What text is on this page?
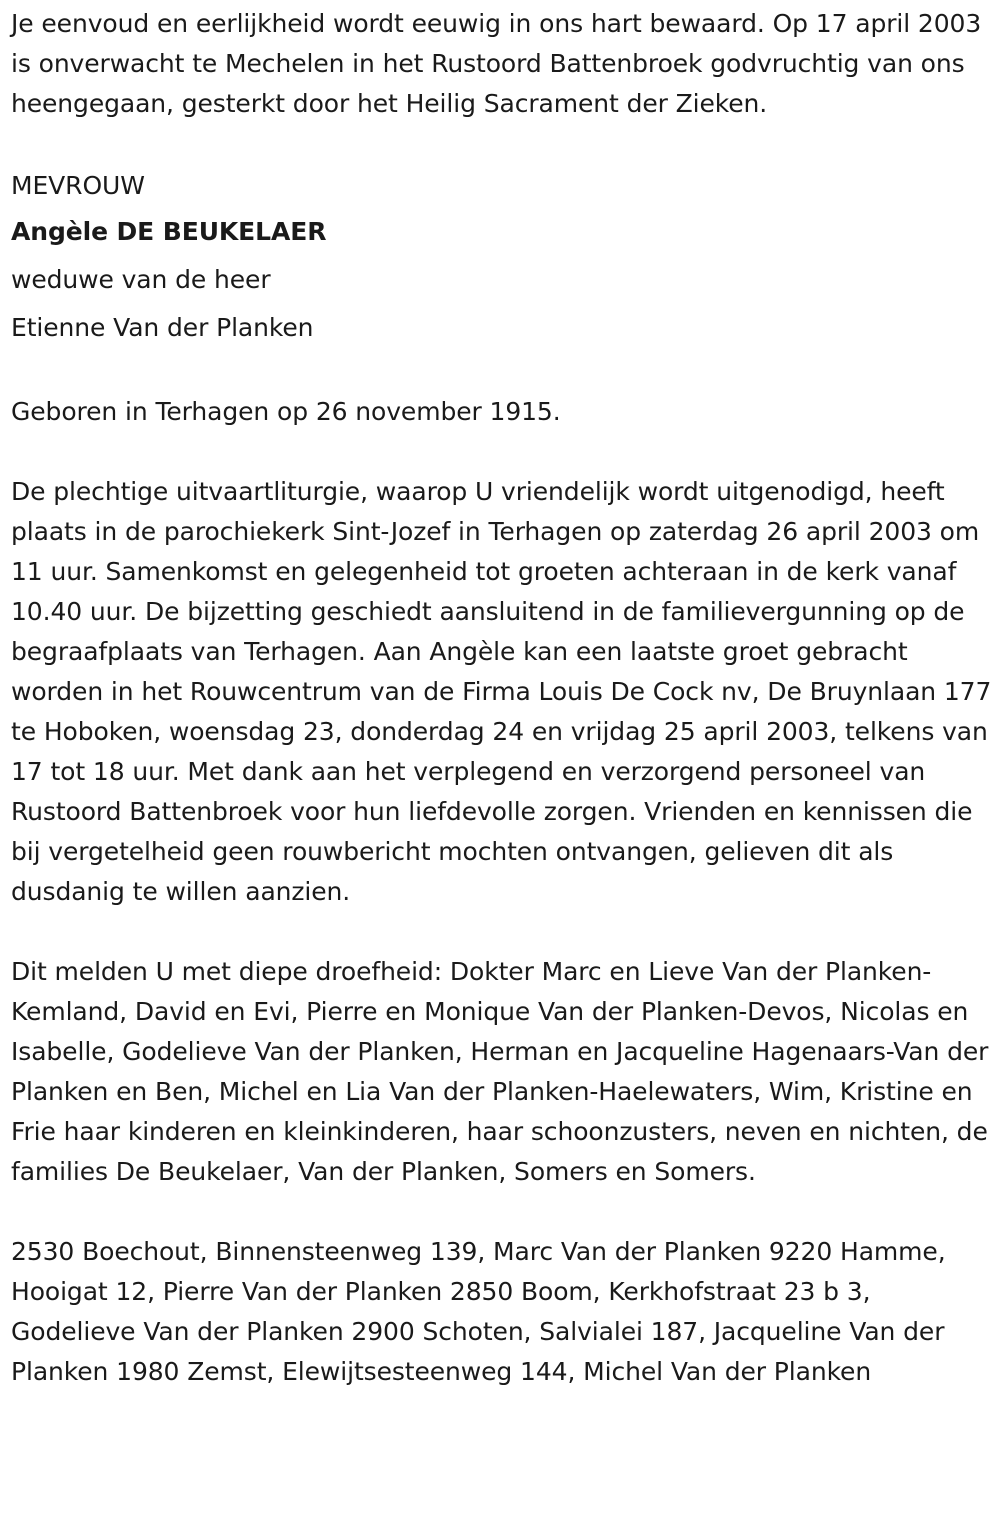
Je eenvoud en eerlijkheid wordt eeuwig in ons hart bewaard. Op 17 april 2003 is onverwacht te Mechelen in het Rustoord Battenbroek godvruchtig van ons heengegaan, gesterkt door het Heilig Sacrament der Zieken.

MEVROUW
Angèle DE BEUKELAER
weduwe van de heer
Etienne Van der Planken

Geboren in Terhagen op 26 november 1915.

De plechtige uitvaartliturgie, waarop U vriendelijk wordt uitgenodigd, heeft plaats in de parochiekerk Sint-Jozef in Terhagen op zaterdag 26 april 2003 om 11 uur. Samenkomst en gelegenheid tot groeten achteraan in de kerk vanaf 10.40 uur. De bijzetting geschiedt aansluitend in de familievergunning op de begraafplaats van Terhagen. Aan Angèle kan een laatste groet gebracht worden in het Rouwcentrum van de Firma Louis De Cock nv, De Bruynlaan 177 te Hoboken, woensdag 23, donderdag 24 en vrijdag 25 april 2003, telkens van 17 tot 18 uur. Met dank aan het verplegend en verzorgend personeel van Rustoord Battenbroek voor hun liefdevolle zorgen. Vrienden en kennissen die bij vergetelheid geen rouwbericht mochten ontvangen, gelieven dit als dusdanig te willen aanzien.

Dit melden U met diepe droefheid: Dokter Marc en Lieve Van der Planken-Kemland, David en Evi, Pierre en Monique Van der Planken-Devos, Nicolas en Isabelle, Godelieve Van der Planken, Herman en Jacqueline Hagenaars-Van der Planken en Ben, Michel en Lia Van der Planken-Haelewaters, Wim, Kristine en Frie haar kinderen en kleinkinderen, haar schoonzusters, neven en nichten, de families De Beukelaer, Van der Planken, Somers en Somers.

2530 Boechout, Binnensteenweg 139, Marc Van der Planken 9220 Hamme, Hooigat 12, Pierre Van der Planken 2850 Boom, Kerkhofstraat 23 b 3, Godelieve Van der Planken 2900 Schoten, Salvialei 187, Jacqueline Van der Planken 1980 Zemst, Elewijtsesteenweg 144, Michel Van der Planken
